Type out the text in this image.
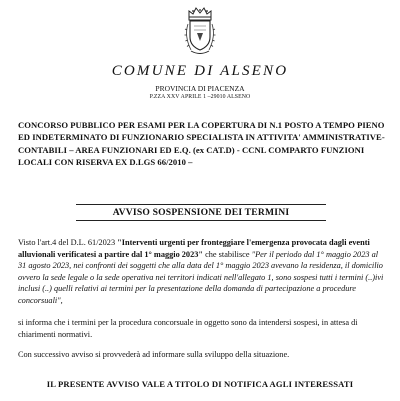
COMUNE DI ALSENO
PROVINCIA DI PIACENZA
P.ZZA XXV APRILE 1 –29010 ALSENO
CONCORSO PUBBLICO PER ESAMI PER LA COPERTURA DI N.1 POSTO A TEMPO PIENO ED INDETERMINATO DI FUNZIONARIO SPECIALISTA IN ATTIVITA' AMMINISTRATIVE-CONTABILI – AREA FUNZIONARI ED E.Q. (ex CAT.D) - CCNL COMPARTO FUNZIONI LOCALI CON RISERVA EX D.LGS 66/2010 –
AVVISO SOSPENSIONE DEI TERMINI
Visto l'art.4 del D.L. 61/2023 "Interventi urgenti per fronteggiare l'emergenza provocata dagli eventi alluvionali verificatesi a partire dal 1° maggio 2023" che stabilisce "Per il periodo dal 1° maggio 2023 al 31 agosto 2023, nei confronti dei soggetti che alla data del 1° maggio 2023 avevano la residenza, il domicilio ovvero la sede legale o la sede operativa nei territori indicati nell'allegato 1, sono sospesi tutti i termini (..)ivi inclusi (..) quelli relativi ai termini per la presentazione della domanda di partecipazione a procedure concorsuali",
si informa che i termini per la procedura concorsuale in oggetto sono da intendersi sospesi, in attesa di chiarimenti normativi.
Con successivo avviso si provvederà ad informare sulla sviluppo della situazione.
IL PRESENTE AVVISO VALE A TITOLO DI NOTIFICA AGLI INTERESSATI
